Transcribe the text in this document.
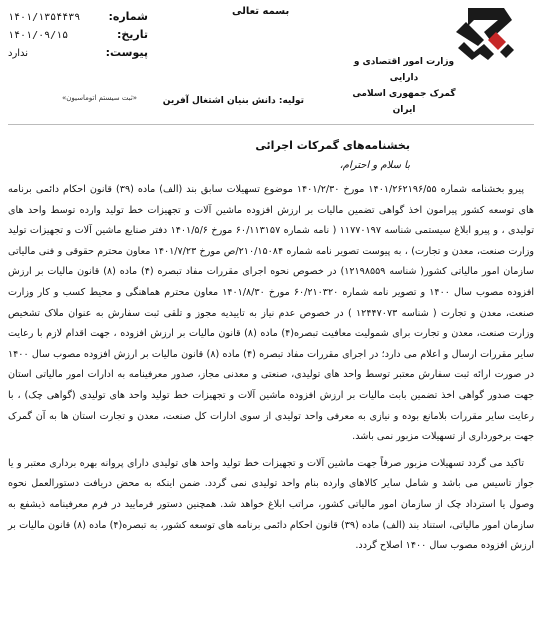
بسمه تعالی
شماره:
۱۴۰۱/۱۳۵۴۴۳۹
تاریخ:
۱۴۰۱/۰۹/۱۵
پیوست:
ندارد
«ثبت سیستم اتوماسیون»
وزارت امور اقتصادی و دارایی
گمرک جمهوری اسلامی ایران
تولیه: دانش بنیان اشتغال آفرین
بخشنامه‌های گمرکات اجرائی
با سلام و احترام،

پیرو بخشنامه شماره ۱۴۰۱/۲۶۲۱۹۶/۵۵ مورخ ۱۴۰۱/۲/۳۰ موضوع تسهیلات سابق بند (الف) ماده (۳۹) قانون احکام دائمی برنامه های توسعه کشور پیرامون اخذ گواهی تضمین مالیات بر ارزش افزوده ماشین آلات و تجهیزات خط تولید وارده توسط واحد های تولیدی ، و پیرو ابلاغ سیستمی شناسه ۱۱۷۷۰۱۹۷ ( نامه شماره ۶۰/۱۱۳۱۵۷ مورخ ۱۴۰۱/۵/۶ دفتر صنایع ماشین آلات و تجهیزات تولید وزارت صنعت، معدن و تجارت) ، به پیوست تصویر نامه شماره ۲۱۰/۱۵۰۸۴/ص مورخ ۱۴۰۱/۷/۲۳ معاون محترم حقوقی و فنی مالیاتی سازمان امور مالیاتی کشور( شناسه ۱۲۱۹۸۵۵۹) در خصوص نحوه اجرای مقررات مفاد تبصره (۴) ماده (۸) قانون مالیات بر ارزش افزوده مصوب سال ۱۴۰۰ و تصویر نامه شماره ۶۰/۲۱۰۳۲۰ مورخ ۱۴۰۱/۸/۳۰ معاون محترم هماهنگی و محیط کسب و کار وزارت صنعت، معدن و تجارت ( شناسه ۱۲۴۴۷۰۷۳ ) در خصوص عدم نیاز به تاییدیه مجوز و تلقی ثبت سفارش به عنوان ملاک تشخیص وزارت صنعت، معدن و تجارت برای شمولیت معافیت تبصره(۴) ماده (۸) قانون مالیات بر ارزش افزوده ، جهت اقدام لازم با رعایت سایر مقررات ارسال و اعلام می دارد؛ در اجرای مقررات مفاد تبصره (۴) ماده (۸) قانون مالیات بر ارزش افزوده مصوب سال ۱۴۰۰ در صورت ارائه ثبت سفارش معتبر توسط واحد های تولیدی، صنعتی و معدنی مجاز، صدور معرفینامه به ادارات امور مالیاتی استان جهت صدور گواهی اخذ تضمین بابت مالیات بر ارزش افزوده ماشین آلات و تجهیزات خط تولید واحد های تولیدی (گواهی چک) ، با رعایت سایر مقررات بلامانع بوده و نیازی به معرفی واحد تولیدی از سوی ادارات کل صنعت، معدن و تجارت استان ها به آن گمرک جهت برخورداری از تسهیلات مزبور نمی باشد.

تاکید می گردد تسهیلات مزبور صرفاً جهت ماشین آلات و تجهیزات خط تولید واحد های تولیدی دارای پروانه بهره برداری معتبر و یا جواز تاسیس می باشد و شامل سایر کالاهای وارده بنام واحد تولیدی نمی گردد. ضمن اینکه به محض دریافت دستورالعمل نحوه وصول یا استرداد چک از سازمان امور مالیاتی کشور، مراتب ابلاغ خواهد شد. همچنین دستور فرمایید در فرم معرفینامه ذیشفع به سازمان امور مالیاتی، استناد بند (الف) ماده (۳۹) قانون احکام دائمی برنامه های توسعه کشور، به تبصره(۴) ماده (۸) قانون مالیات بر ارزش افزوده مصوب سال ۱۴۰۰ اصلاح گردد.
